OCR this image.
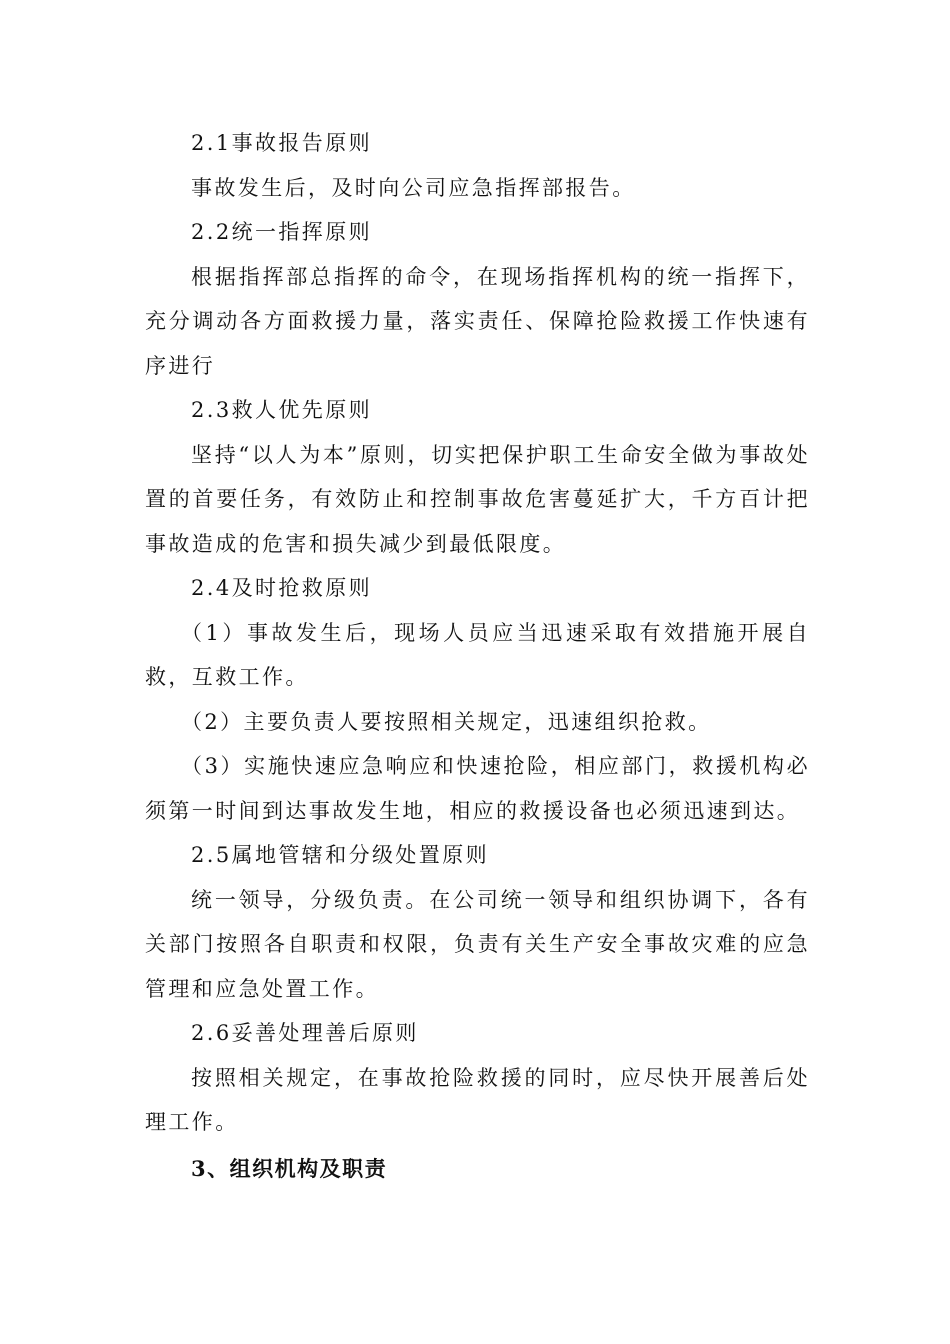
2.1事故报告原则

事故发生后，及时向公司应急指挥部报告。

2.2统一指挥原则

根据指挥部总指挥的命令，在现场指挥机构的统一指挥下，充分调动各方面救援力量，落实责任、保障抢险救援工作快速有序进行

2.3救人优先原则

坚持“以人为本”原则，切实把保护职工生命安全做为事故处置的首要任务，有效防止和控制事故危害蔓延扩大，千方百计把事故造成的危害和损失减少到最低限度。

2.4及时抢救原则

（1）事故发生后，现场人员应当迅速采取有效措施开展自救，互救工作。

（2）主要负责人要按照相关规定，迅速组织抢救。

（3）实施快速应急响应和快速抢险，相应部门，救援机构必须第一时间到达事故发生地，相应的救援设备也必须迅速到达。

2.5属地管辖和分级处置原则

统一领导，分级负责。在公司统一领导和组织协调下，各有关部门按照各自职责和权限，负责有关生产安全事故灾难的应急管理和应急处置工作。

2.6妥善处理善后原则

按照相关规定，在事故抢险救援的同时，应尽快开展善后处理工作。

3、组织机构及职责
